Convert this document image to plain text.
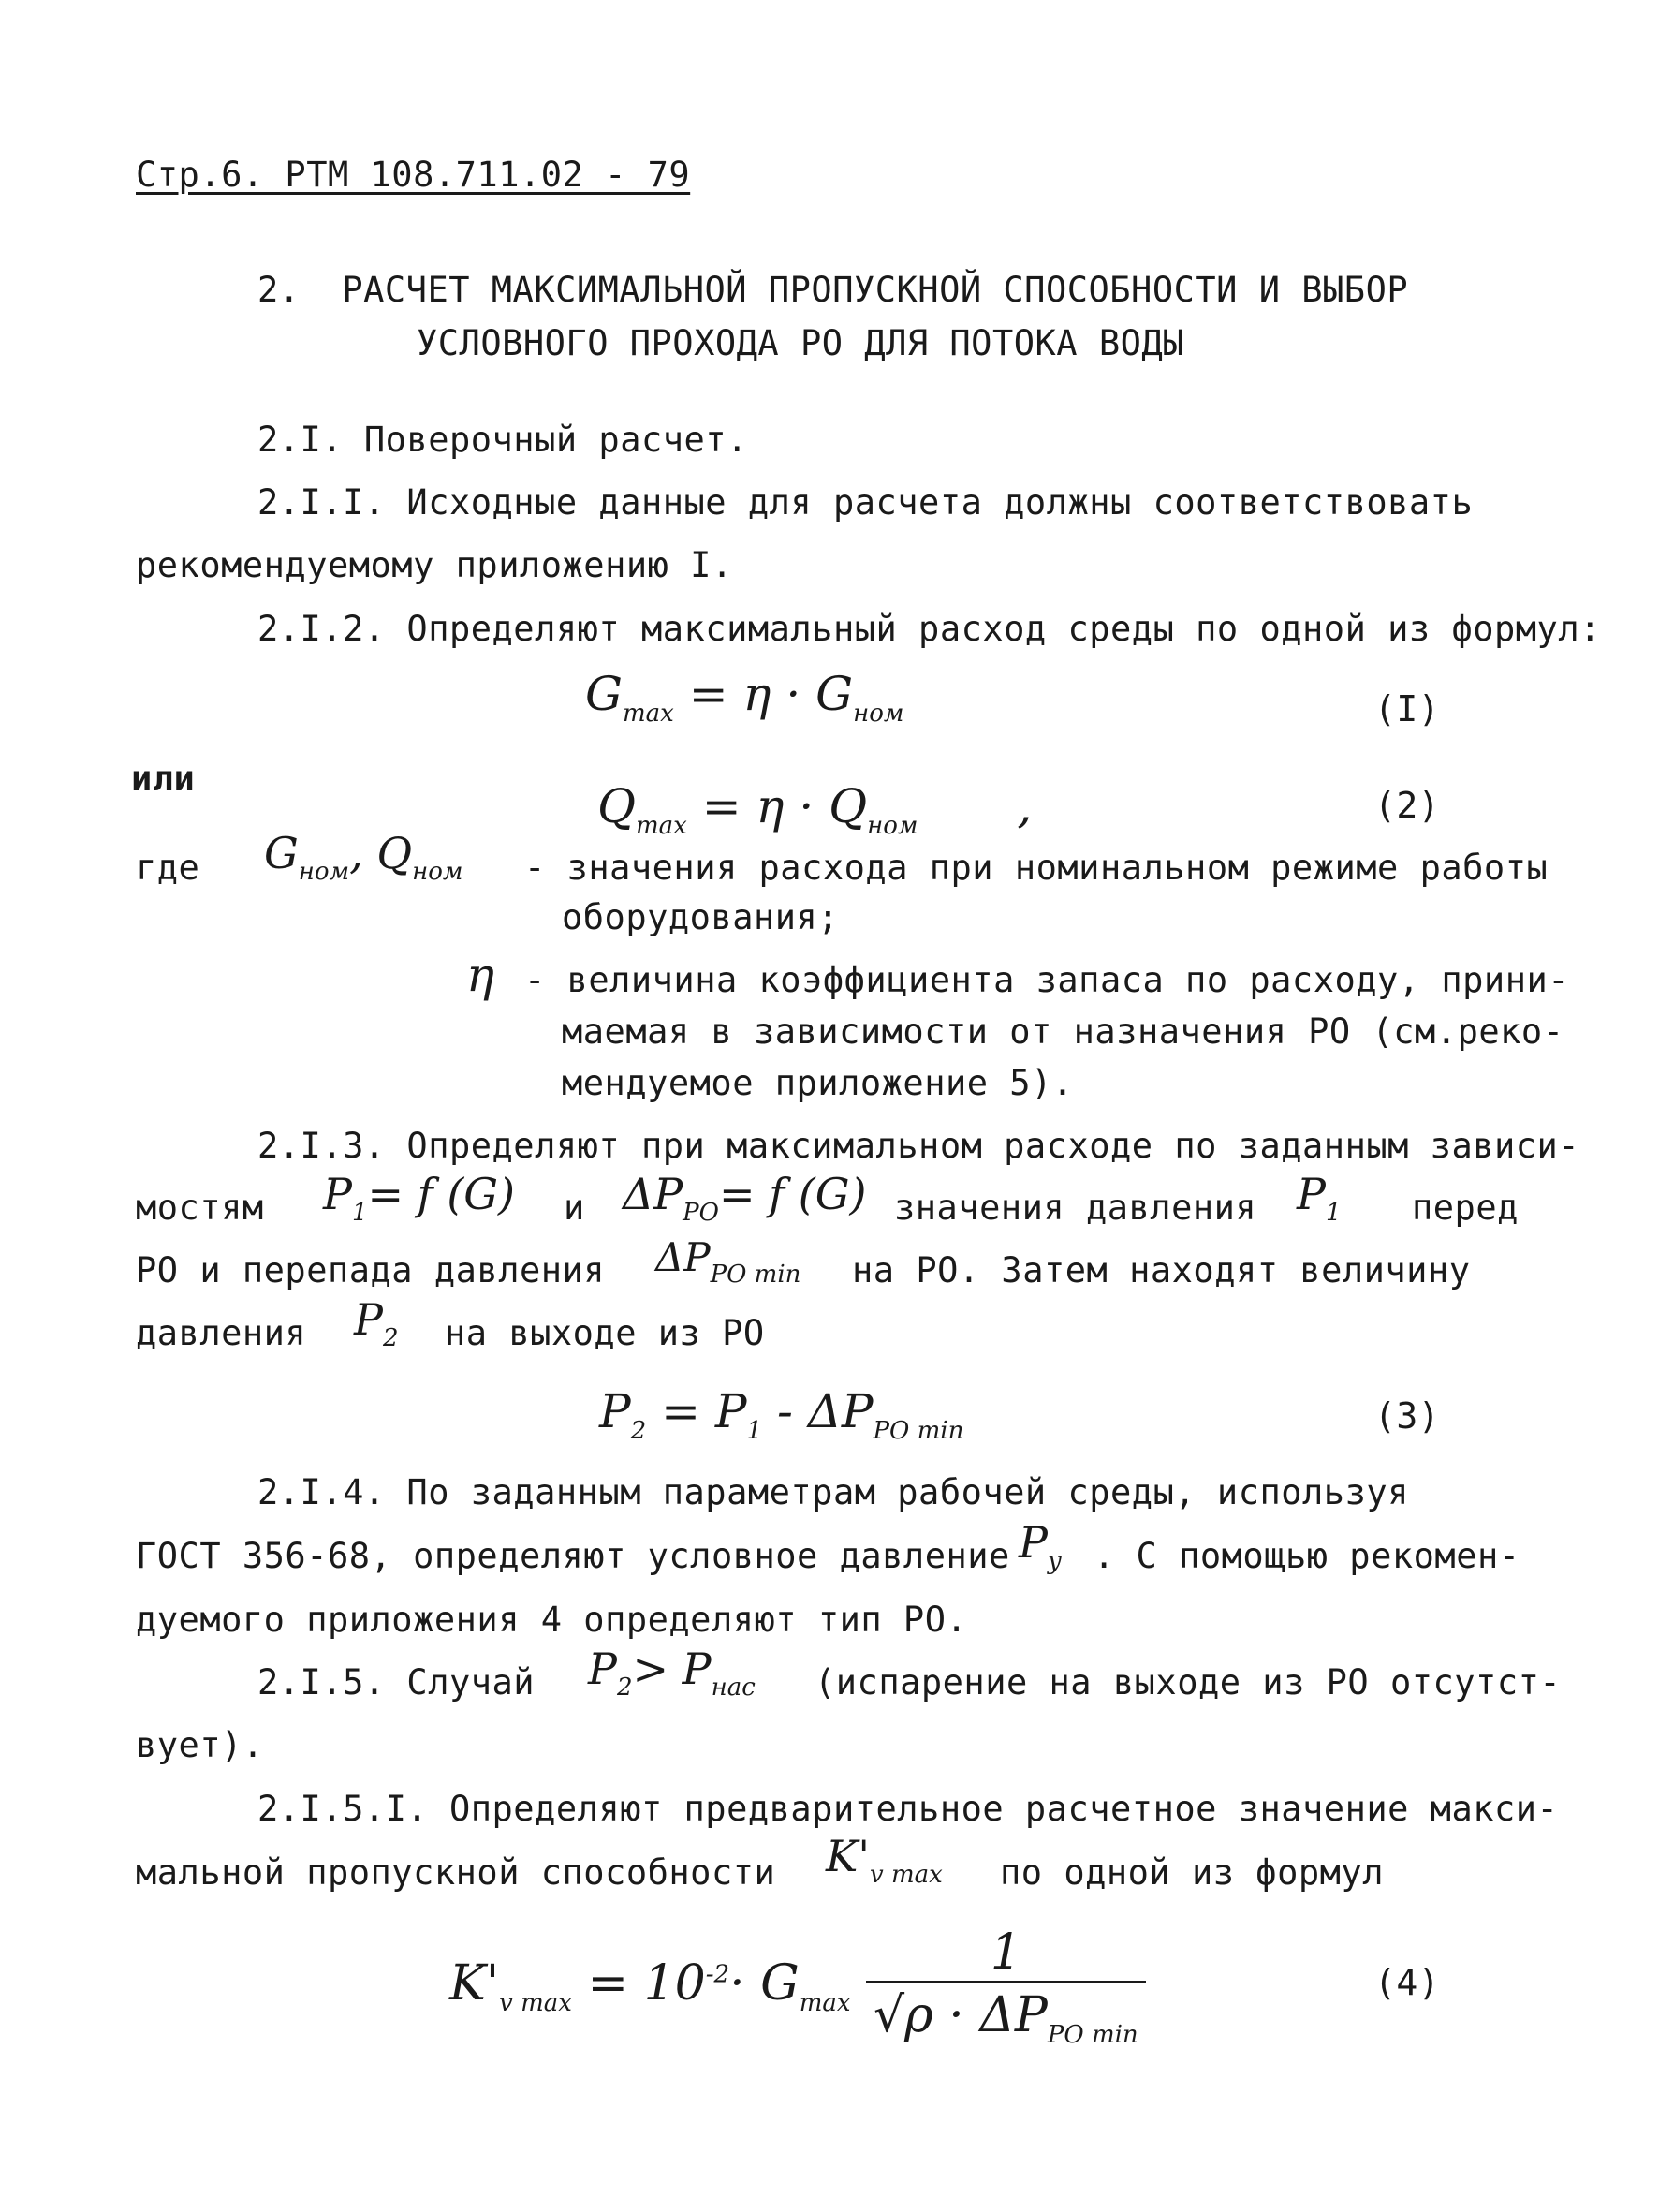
Стр.6. РТМ 108.711.02 - 79
2. РАСЧЕТ МАКСИМАЛЬНОЙ ПРОПУСКНОЙ СПОСОБНОСТИ И ВЫБОР
УСЛОВНОГО ПРОХОДА РО ДЛЯ ПОТОКА ВОДЫ
2.I. Поверочный расчет.
2.I.I. Исходные данные для расчета должны соответствовать
рекомендуемому приложению I.
2.I.2. Определяют максимальный расход среды по одной из формул:
$G_{max} = \eta \cdot G_{ном}$	(I)
или
$Q_{max} = \eta \cdot Q_{ном}$ ,	(2)
где $G_{ном}$, $Q_{ном}$ - значения расхода при номинальном режиме работы
оборудования;
η - величина коэффициента запаса по расходу, прини-
маемая в зависимости от назначения РО (см.реко-
мендуемое приложение 5).
2.I.3. Определяют при максимальном расходе по заданным зависи-
мостям $P_1= f$ (G) и $\Delta P_{РО}= f$ (G) значения давления $P_1$ перед
РО и перепада давления $\Delta P_{РО min}$ на РО. Затем находят величину
давления $P_2$ на выходе из РО
$P_2 = P_1 - \Delta P_{РО min}$	(3)
2.I.4. По заданным параметрам рабочей среды, используя
ГОСТ 356-68, определяют условное давление $P_у$ . С помощью рекомен-
дуемого приложения 4 определяют тип РО.
2.I.5. Случай $P_2> P_{нас}$ (испарение на выходе из РО отсутст-
вует).
2.I.5.I. Определяют предварительное расчетное значение макси-
мальной пропускной способности $K'_{v max}$ по одной из формул
$K'_{v max} = 10^{-2}\cdot G_{max} \frac{1}{√\rho \cdot \Delta P_{РО min}}$	(4)
